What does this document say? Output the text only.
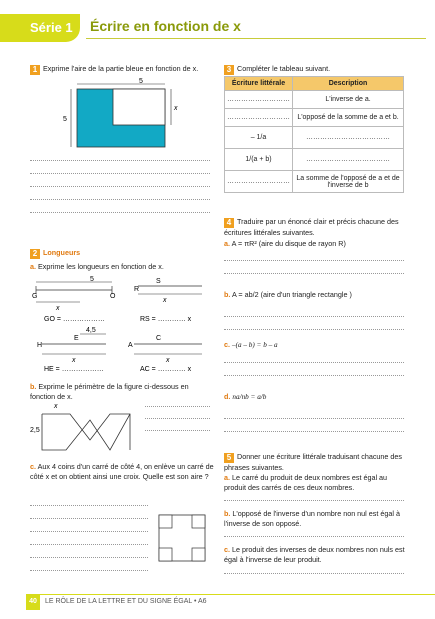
Série 1	Écrire en fonction de x
1 Exprime l'aire de la partie bleue en fonction de x.
5
5
x
2 Longueurs
a. Exprime les longueurs en fonction de x.
5
G	O
x
GO = ………………
R
S
x
RS = ………… x
4,5
H
E
x
HE = ………………
A
C
x
AC = ………… x
b. Exprime le périmètre de la figure ci-dessous en fonction de x.
x
2,5
c. Aux 4 coins d'un carré de côté 4, on enlève un carré de côté x et on obtient ainsi une croix. Quelle est son aire ?
3 Compléter le tableau suivant.
Écriture littérale	Description
………………………	L'inverse de a.
………………………	L'opposé de la somme de a et b.
– 1/a	………………………………
1/(a + b)	………………………………
………………………	La somme de l'opposé de a et de l'inverse de b
4 Traduire par un énoncé clair et précis chacune des écritures littérales suivantes.
a. A = πR² (aire du disque de rayon R)
b. A = ab/2 (aire d'un triangle rectangle )
c. –(a – b) = b – a
d. na/nb = a/b
5 Donner une écriture littérale traduisant chacune des phrases suivantes.
a. Le carré du produit de deux nombres est égal au produit des carrés de ces deux nombres.
b. L'opposé de l'inverse d'un nombre non nul est égal à l'inverse de son opposé.
c. Le produit des inverses de deux nombres non nuls est égal à l'inverse de leur produit.
40	LE RÔLE DE LA LETTRE ET DU SIGNE ÉGAL • A6
